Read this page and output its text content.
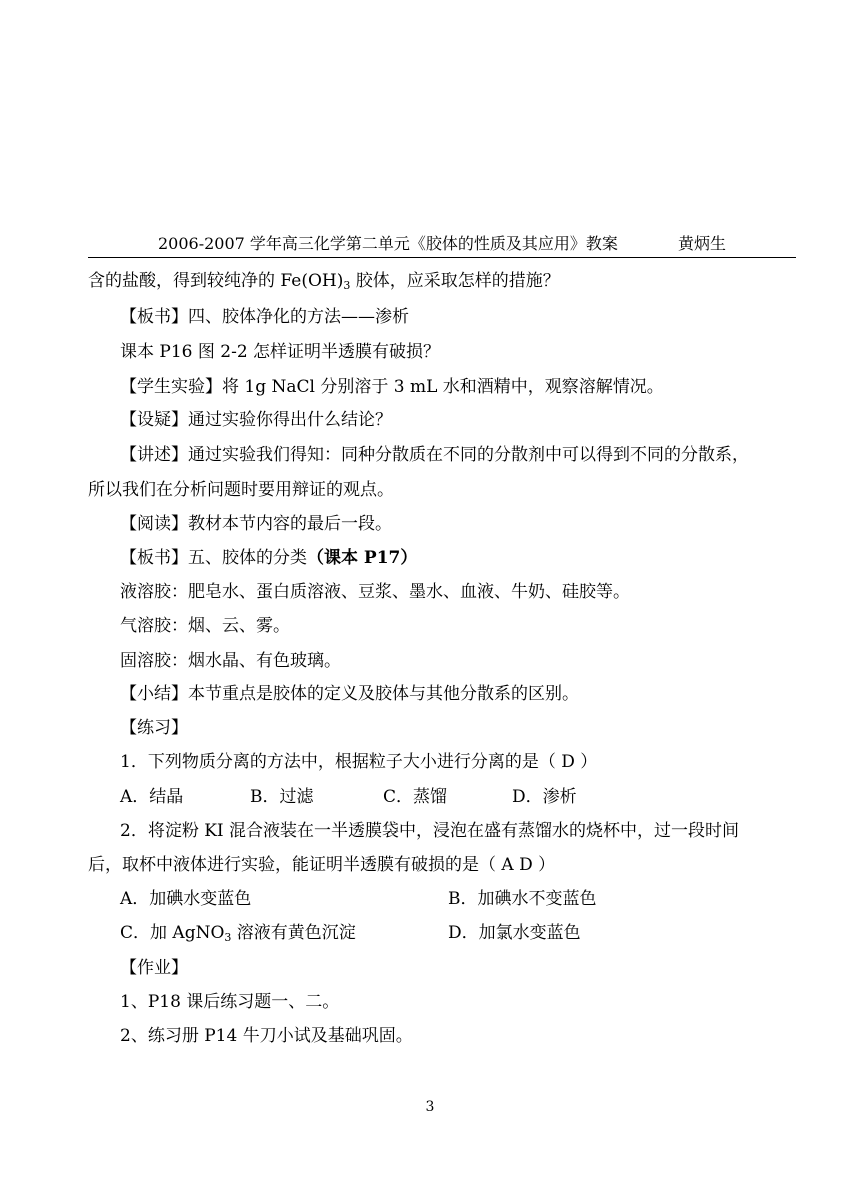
2006-2007 学年高三化学第二单元《胶体的性质及其应用》教案	黄炳生
含的盐酸，得到较纯净的 $Fe(OH)_3$ 胶体，应采取怎样的措施？
【板书】四、胶体净化的方法——渗析
课本 P16 图 2-2 怎样证明半透膜有破损？
【学生实验】将 1g NaCl 分别溶于 3 mL 水和酒精中，观察溶解情况。
【设疑】通过实验你得出什么结论？
【讲述】通过实验我们得知：同种分散质在不同的分散剂中可以得到不同的分散系，
所以我们在分析问题时要用辩证的观点。
【阅读】教材本节内容的最后一段。
【板书】五、胶体的分类（课本 P17）
液溶胶：肥皂水、蛋白质溶液、豆浆、墨水、血液、牛奶、硅胶等。
气溶胶：烟、云、雾。
固溶胶：烟水晶、有色玻璃。
【小结】本节重点是胶体的定义及胶体与其他分散系的区别。
【练习】
1．下列物质分离的方法中，根据粒子大小进行分离的是（ D ）
A．结晶	B．过滤	C．蒸馏	D．渗析
2．将淀粉 KI 混合液装在一半透膜袋中，浸泡在盛有蒸馏水的烧杯中，过一段时间
后，取杯中液体进行实验，能证明半透膜有破损的是（ A D ）
A．加碘水变蓝色	B．加碘水不变蓝色
C．加 AgNO$_3$ 溶液有黄色沉淀	D．加氯水变蓝色
【作业】
1、P18 课后练习题一、二。
2、练习册 P14 牛刀小试及基础巩固。
3
